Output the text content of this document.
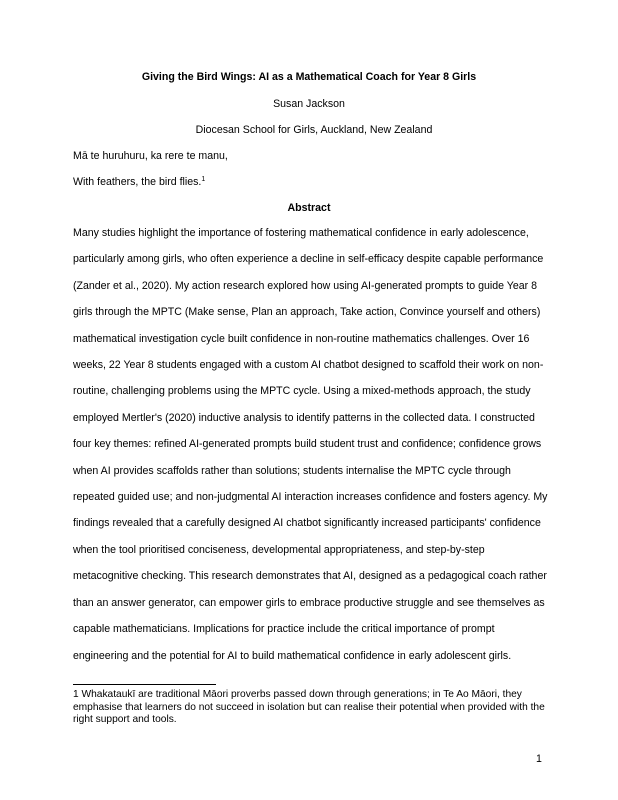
Giving the Bird Wings: AI as a Mathematical Coach for Year 8 Girls
Susan Jackson
Diocesan School for Girls, Auckland, New Zealand
Mā te huruhuru, ka rere te manu,
With feathers, the bird flies.$^1$
Abstract

Many studies highlight the importance of fostering mathematical confidence in early adolescence, particularly among girls, who often experience a decline in self-efficacy despite capable performance (Zander et al., 2020). My action research explored how using AI-generated prompts to guide Year 8 girls through the MPTC (Make sense, Plan an approach, Take action, Convince yourself and others) mathematical investigation cycle built confidence in non-routine mathematics challenges. Over 16 weeks, 22 Year 8 students engaged with a custom AI chatbot designed to scaffold their work on non-routine, challenging problems using the MPTC cycle. Using a mixed-methods approach, the study employed Mertler's (2020) inductive analysis to identify patterns in the collected data. I constructed four key themes: refined AI-generated prompts build student trust and confidence; confidence grows when AI provides scaffolds rather than solutions; students internalise the MPTC cycle through repeated guided use; and non-judgmental AI interaction increases confidence and fosters agency. My findings revealed that a carefully designed AI chatbot significantly increased participants' confidence when the tool prioritised conciseness, developmental appropriateness, and step-by-step metacognitive checking. This research demonstrates that AI, designed as a pedagogical coach rather than an answer generator, can empower girls to embrace productive struggle and see themselves as capable mathematicians. Implications for practice include the critical importance of prompt engineering and the potential for AI to build mathematical confidence in early adolescent girls.

1 Whakataukī are traditional Māori proverbs passed down through generations; in Te Ao Māori, they emphasise that learners do not succeed in isolation but can realise their potential when provided with the right support and tools.

1
